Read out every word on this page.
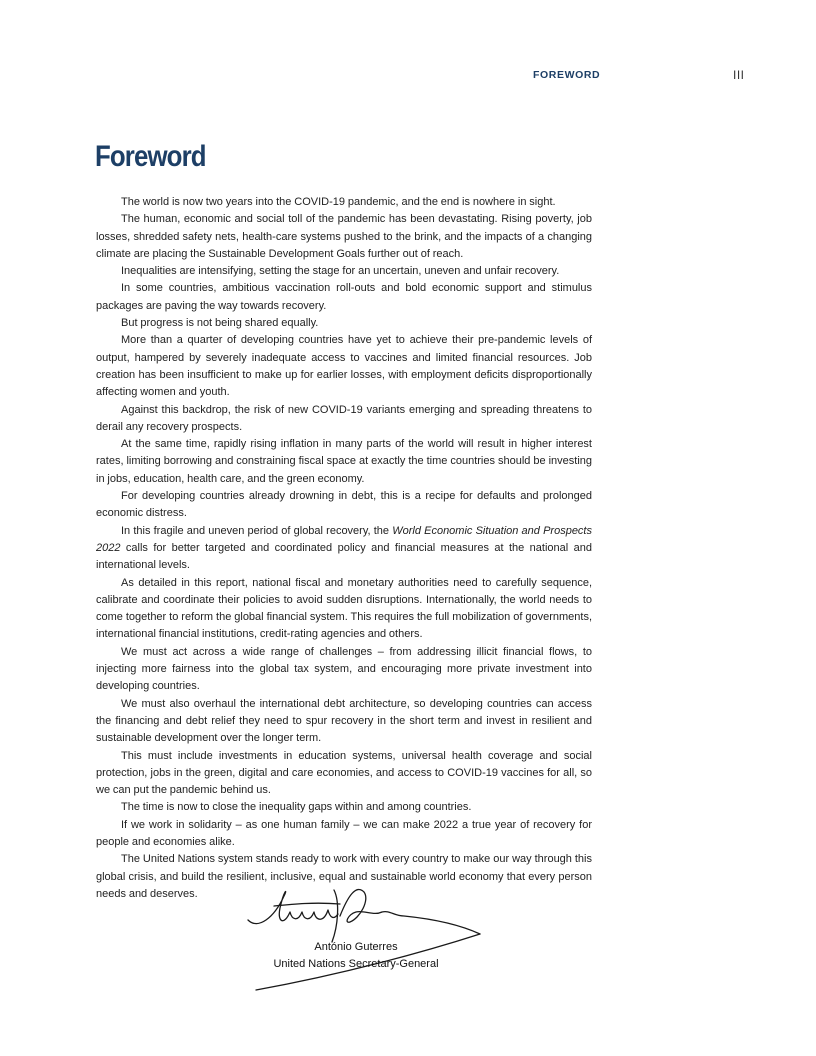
FOREWORD	III
Foreword

The world is now two years into the COVID-19 pandemic, and the end is nowhere in sight.

The human, economic and social toll of the pandemic has been devastating. Rising poverty, job losses, shredded safety nets, health-care systems pushed to the brink, and the impacts of a changing climate are placing the Sustainable Development Goals further out of reach.

Inequalities are intensifying, setting the stage for an uncertain, uneven and unfair recovery.

In some countries, ambitious vaccination roll-outs and bold economic support and stimulus packages are paving the way towards recovery.

But progress is not being shared equally.

More than a quarter of developing countries have yet to achieve their pre-pandemic levels of output, hampered by severely inadequate access to vaccines and limited financial resources. Job creation has been insufficient to make up for earlier losses, with employment deficits disproportionally affecting women and youth.

Against this backdrop, the risk of new COVID-19 variants emerging and spreading threatens to derail any recovery prospects.

At the same time, rapidly rising inflation in many parts of the world will result in higher interest rates, limiting borrowing and constraining fiscal space at exactly the time countries should be investing in jobs, education, health care, and the green economy.

For developing countries already drowning in debt, this is a recipe for defaults and prolonged economic distress.

In this fragile and uneven period of global recovery, the World Economic Situation and Prospects 2022 calls for better targeted and coordinated policy and financial measures at the national and international levels.

As detailed in this report, national fiscal and monetary authorities need to carefully sequence, calibrate and coordinate their policies to avoid sudden disruptions. Internationally, the world needs to come together to reform the global financial system. This requires the full mobilization of governments, international financial institutions, credit-rating agencies and others.

We must act across a wide range of challenges – from addressing illicit financial flows, to injecting more fairness into the global tax system, and encouraging more private investment into developing countries.

We must also overhaul the international debt architecture, so developing countries can access the financing and debt relief they need to spur recovery in the short term and invest in resilient and sustainable development over the longer term.

This must include investments in education systems, universal health coverage and social protection, jobs in the green, digital and care economies, and access to COVID-19 vaccines for all, so we can put the pandemic behind us.

The time is now to close the inequality gaps within and among countries.

If we work in solidarity – as one human family – we can make 2022 a true year of recovery for people and economies alike.

The United Nations system stands ready to work with every country to make our way through this global crisis, and build the resilient, inclusive, equal and sustainable world economy that every person needs and deserves.

António Guterres
United Nations Secretary-General
